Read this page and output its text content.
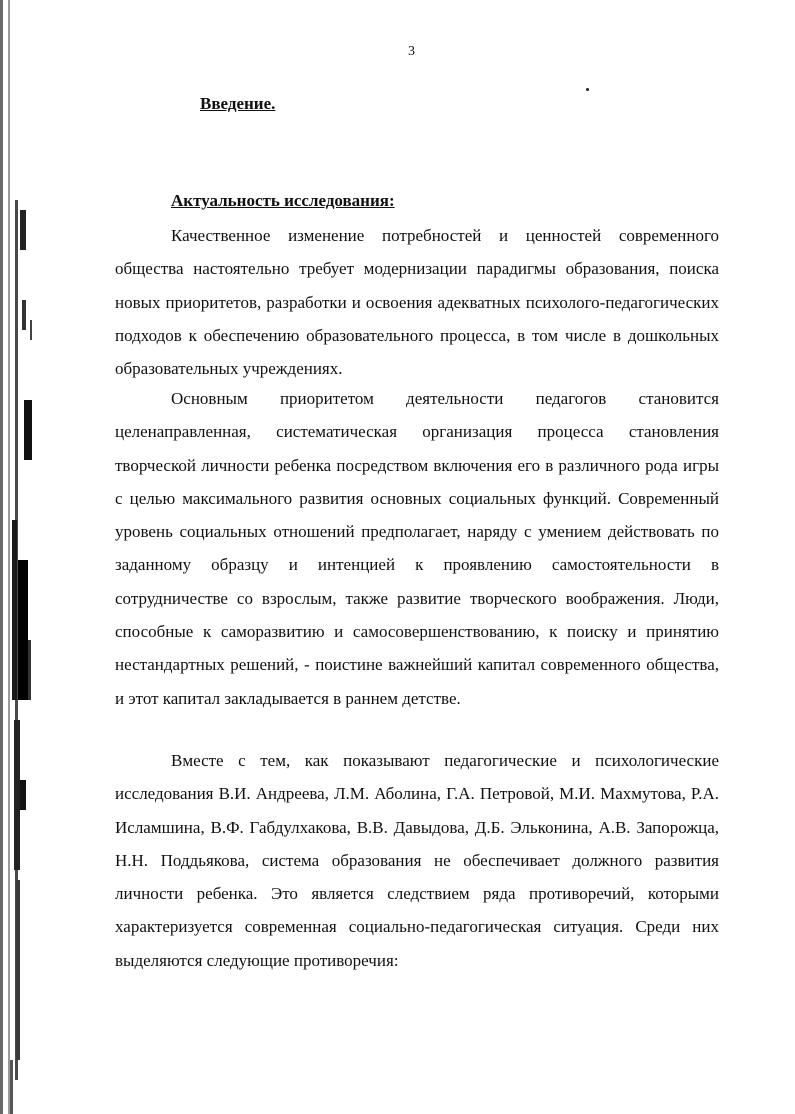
3
Введение.
Актуальность исследования:

Качественное изменение потребностей и ценностей современного общества настоятельно требует модернизации парадигмы образования, поиска новых приоритетов, разработки и освоения адекватных психолого-педагогических подходов к обеспечению образовательного процесса, в том числе в дошкольных образовательных учреждениях.

Основным приоритетом деятельности педагогов становится целенаправленная, систематическая организация процесса становления творческой личности ребенка посредством включения его в различного рода игры с целью максимального развития основных социальных функций. Современный уровень социальных отношений предполагает, наряду с умением действовать по заданному образцу и интенцией к проявлению самостоятельности в сотрудничестве со взрослым, также развитие творческого воображения. Люди, способные к саморазвитию и самосовершенствованию, к поиску и принятию нестандартных решений, - поистине важнейший капитал современного общества, и этот капитал закладывается в раннем детстве.

Вместе с тем, как показывают педагогические и психологические исследования В.И. Андреева, Л.М. Аболина, Г.А. Петровой, М.И. Махмутова, Р.А. Исламшина, В.Ф. Габдулхакова, В.В. Давыдова, Д.Б. Эльконина, А.В. Запорожца, Н.Н. Поддьякова, система образования не обеспечивает должного развития личности ребенка. Это является следствием ряда противоречий, которыми характеризуется современная социально-педагогическая ситуация. Среди них выделяются следующие противоречия:
